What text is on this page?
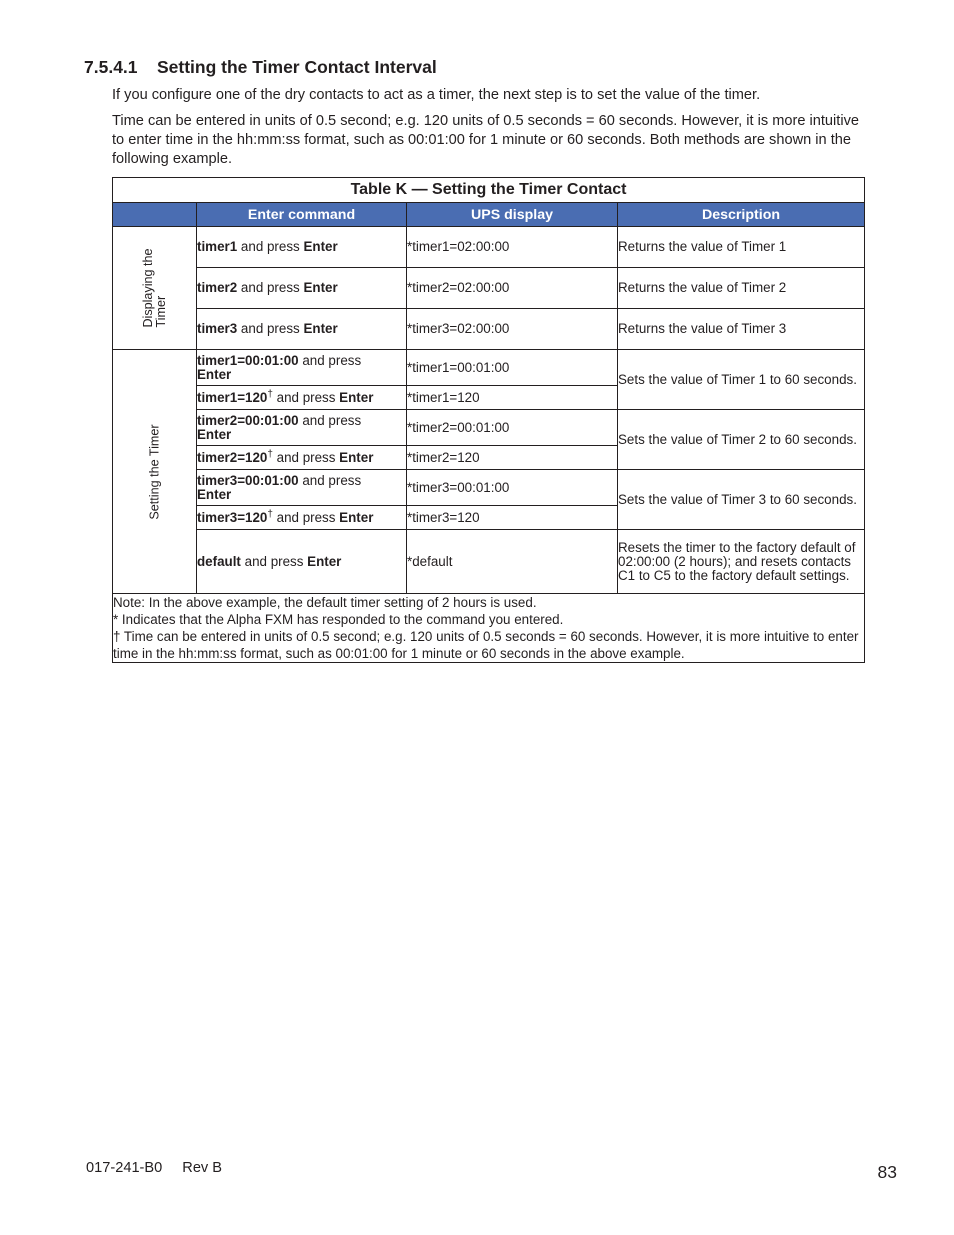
7.5.4.1 Setting the Timer Contact Interval

If you configure one of the dry contacts to act as a timer, the next step is to set the value of the timer.

Time can be entered in units of 0.5 second; e.g. 120 units of 0.5 seconds = 60 seconds. However, it is more intuitive to enter time in the hh:mm:ss format, such as 00:01:00 for 1 minute or 60 seconds. Both methods are shown in the following example.

Table K — Setting the Timer Contact			
	Enter command	UPS display	Description

Displaying the
Timer	timer1 and press Enter	*timer1=02:00:00	Returns the value of Timer 1
	timer2 and press Enter	*timer2=02:00:00	Returns the value of Timer 2
	timer3 and press Enter	*timer3=02:00:00	Returns the value of Timer 3

Setting the Timer	timer1=00:01:00 and press
Enter	*timer1=00:01:00	Sets the value of Timer 1 to 60 seconds.
	timer1=120† and press Enter	*timer1=120	
	timer2=00:01:00 and press
Enter	*timer2=00:01:00	Sets the value of Timer 2 to 60 seconds.
	timer2=120† and press Enter	*timer2=120	
	timer3=00:01:00 and press
Enter	*timer3=00:01:00	Sets the value of Timer 3 to 60 seconds.
	timer3=120† and press Enter	*timer3=120	
	default and press Enter	*default	Resets the timer to the factory default of 02:00:00 (2 hours); and resets contacts C1 to C5 to the factory default settings.

Note: In the above example, the default timer setting of 2 hours is used.
* Indicates that the Alpha FXM has responded to the command you entered.
† Time can be entered in units of 0.5 second; e.g. 120 units of 0.5 seconds = 60 seconds. However, it is more intuitive to enter time in the hh:mm:ss format, such as 00:01:00 for 1 minute or 60 seconds in the above example.			
017-241-B0 Rev B	83
